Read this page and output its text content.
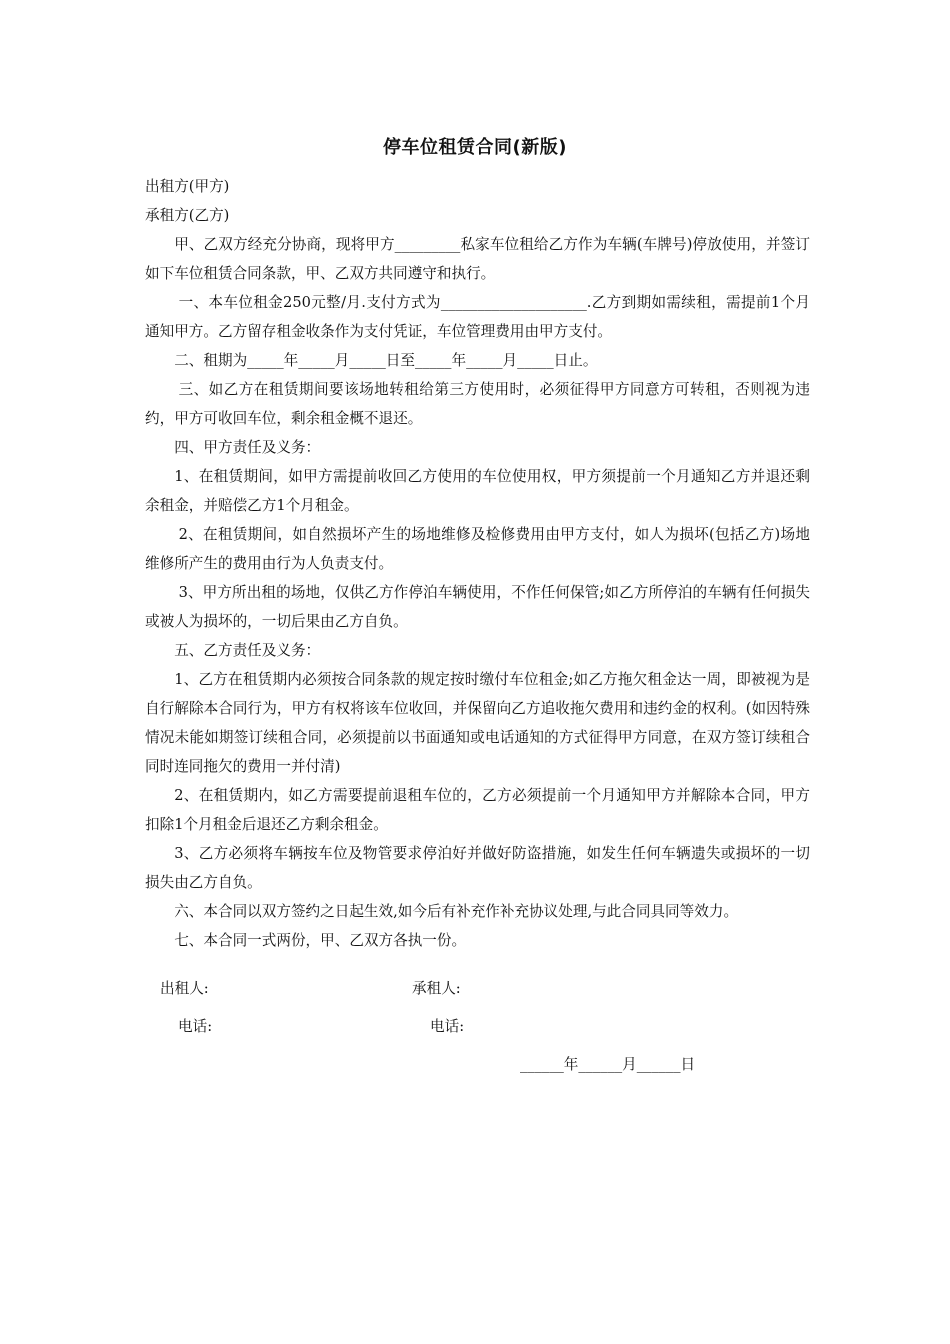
停车位租赁合同(新版)

出租方(甲方)

承租方(乙方)

甲、乙双方经充分协商，现将甲方_________私家车位租给乙方作为车辆(车牌号)停放使用，并签订如下车位租赁合同条款，甲、乙双方共同遵守和执行。

一、本车位租金250元整/月.支付方式为____________________.乙方到期如需续租，需提前1个月通知甲方。乙方留存租金收条作为支付凭证，车位管理费用由甲方支付。

二、租期为_____年_____月_____日至_____年_____月_____日止。

三、如乙方在租赁期间要该场地转租给第三方使用时，必须征得甲方同意方可转租，否则视为违约，甲方可收回车位，剩余租金概不退还。

四、甲方责任及义务：

1、在租赁期间，如甲方需提前收回乙方使用的车位使用权，甲方须提前一个月通知乙方并退还剩余租金，并赔偿乙方1个月租金。

2、在租赁期间，如自然损坏产生的场地维修及检修费用由甲方支付，如人为损坏(包括乙方)场地维修所产生的费用由行为人负责支付。

3、甲方所出租的场地，仅供乙方作停泊车辆使用，不作任何保管;如乙方所停泊的车辆有任何损失或被人为损坏的，一切后果由乙方自负。

五、乙方责任及义务：

1、乙方在租赁期内必须按合同条款的规定按时缴付车位租金;如乙方拖欠租金达一周，即被视为是自行解除本合同行为，甲方有权将该车位收回，并保留向乙方追收拖欠费用和违约金的权利。(如因特殊情况未能如期签订续租合同，必须提前以书面通知或电话通知的方式征得甲方同意，在双方签订续租合同时连同拖欠的费用一并付清)

2、在租赁期内，如乙方需要提前退租车位的，乙方必须提前一个月通知甲方并解除本合同，甲方扣除1个月租金后退还乙方剩余租金。

3、乙方必须将车辆按车位及物管要求停泊好并做好防盗措施，如发生任何车辆遗失或损坏的一切损失由乙方自负。

六、本合同以双方签约之日起生效,如今后有补充作补充协议处理,与此合同具同等效力。

七、本合同一式两份，甲、乙双方各执一份。

出租人:	承租人:
电话:	电话:
______年______月______日
